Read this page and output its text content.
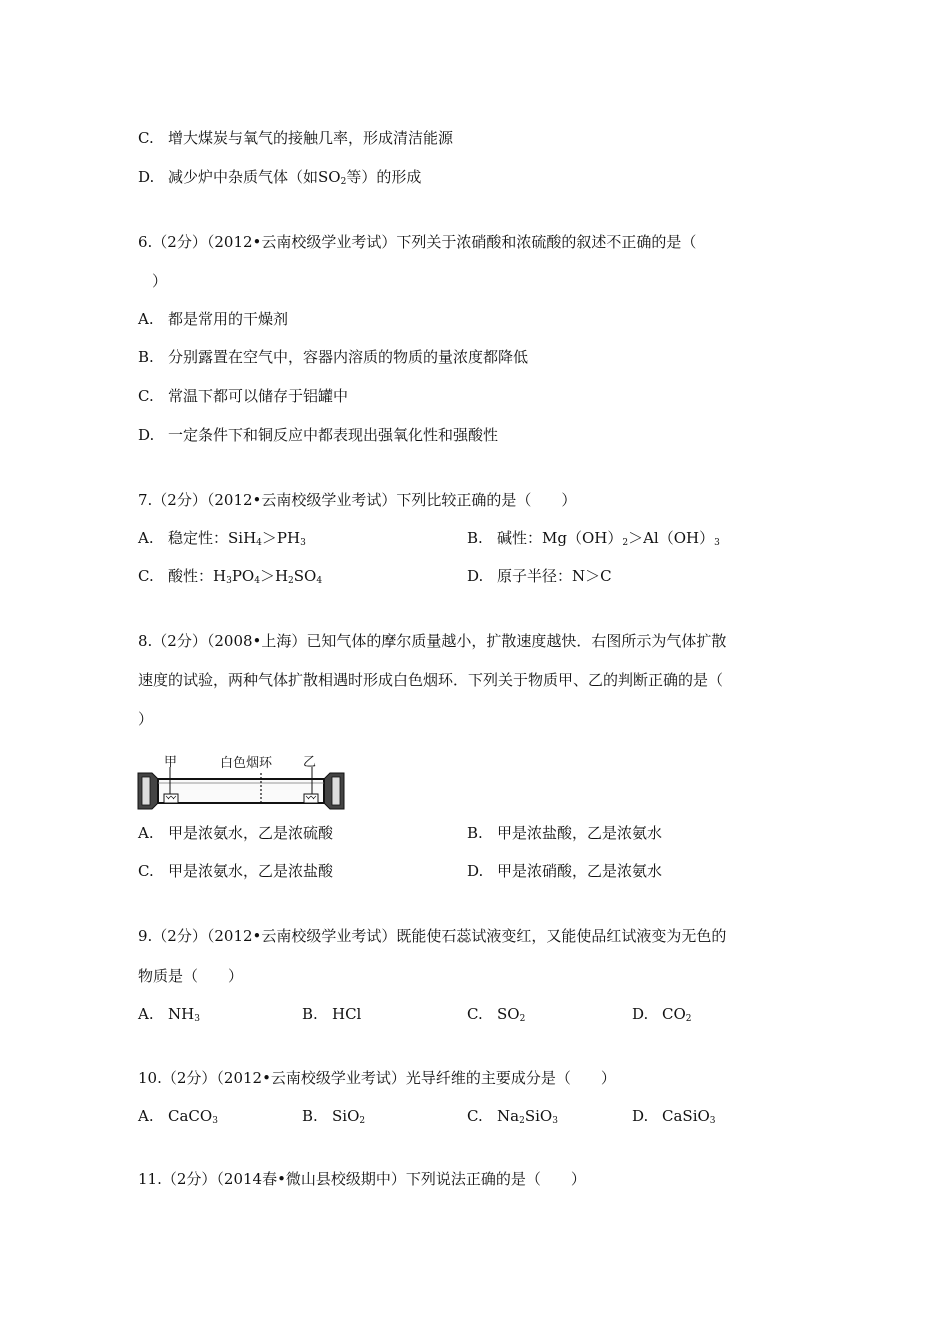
C. 增大煤炭与氧气的接触几率，形成清洁能源
D. 减少炉中杂质气体（如$SO_2$等）的形成
6.（2分）（2012•云南校级学业考试）下列关于浓硝酸和浓硫酸的叙述不正确的是（
）
A. 都是常用的干燥剂
B. 分别露置在空气中，容器内溶质的物质的量浓度都降低
C. 常温下都可以储存于铝罐中
D. 一定条件下和铜反应中都表现出强氧化性和强酸性
7.（2分）（2012•云南校级学业考试）下列比较正确的是（　　）
A. 稳定性：$SiH_4>PH_3$	B. 碱性：$Mg(OH)_2>Al(OH)_3$
C. 酸性：$H_3PO_4>H_2SO_4$	D. 原子半径：N＞C
8.（2分）（2008•上海）已知气体的摩尔质量越小，扩散速度越快．右图所示为气体扩散
速度的试验，两种气体扩散相遇时形成白色烟环．下列关于物质甲、乙的判断正确的是（
）
甲	白色烟环 乙
A. 甲是浓氨水，乙是浓硫酸	B. 甲是浓盐酸，乙是浓氨水
C. 甲是浓氨水，乙是浓盐酸	D. 甲是浓硝酸，乙是浓氨水
9.（2分）（2012•云南校级学业考试）既能使石蕊试液变红，又能使品红试液变为无色的
物质是（　　）
A. $NH_3$	B. HCl	C. $SO_2$	D. $CO_2$
10.（2分）（2012•云南校级学业考试）光导纤维的主要成分是（　　）
A. CaCO$_3$	B. SiO$_2$	C. $Na_2SiO_3$	D. CaSiO$_3$
11.（2分）（2014春•微山县校级期中）下列说法正确的是（　　）
